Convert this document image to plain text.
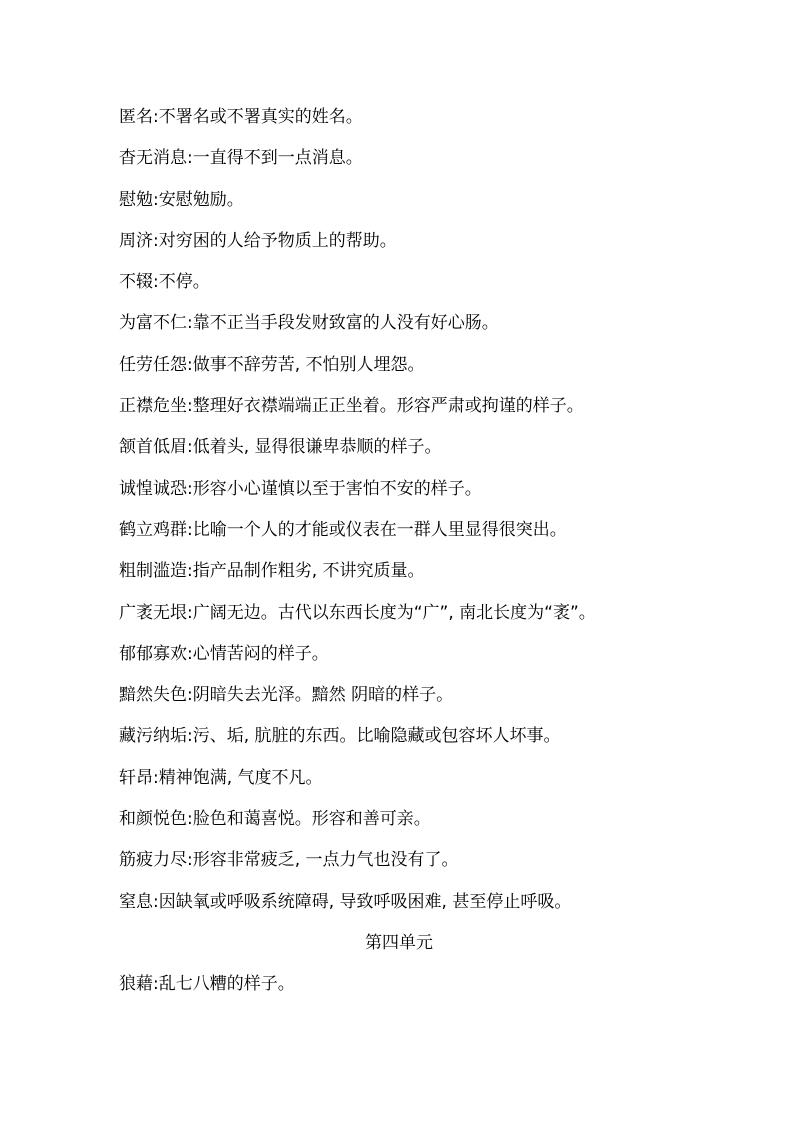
匿名:不署名或不署真实的姓名。
杳无消息:一直得不到一点消息。
慰勉:安慰勉励。
周济:对穷困的人给予物质上的帮助。
不辍:不停。
为富不仁:靠不正当手段发财致富的人没有好心肠。
任劳任怨:做事不辞劳苦, 不怕别人埋怨。
正襟危坐:整理好衣襟端端正正坐着。形容严肃或拘谨的样子。
颔首低眉:低着头, 显得很谦卑恭顺的样子。
诚惶诚恐:形容小心谨慎以至于害怕不安的样子。
鹤立鸡群:比喻一个人的才能或仪表在一群人里显得很突出。
粗制滥造:指产品制作粗劣, 不讲究质量。
广袤无垠:广阔无边。古代以东西长度为“广”, 南北长度为“袤”。
郁郁寡欢:心情苦闷的样子。
黯然失色:阴暗失去光泽。黯然 阴暗的样子。
藏污纳垢:污、垢, 肮脏的东西。比喻隐藏或包容坏人坏事。
轩昂:精神饱满, 气度不凡。
和颜悦色:脸色和蔼喜悦。形容和善可亲。
筋疲力尽:形容非常疲乏, 一点力气也没有了。
窒息:因缺氧或呼吸系统障碍, 导致呼吸困难, 甚至停止呼吸。
第四单元
狼藉:乱七八糟的样子。
